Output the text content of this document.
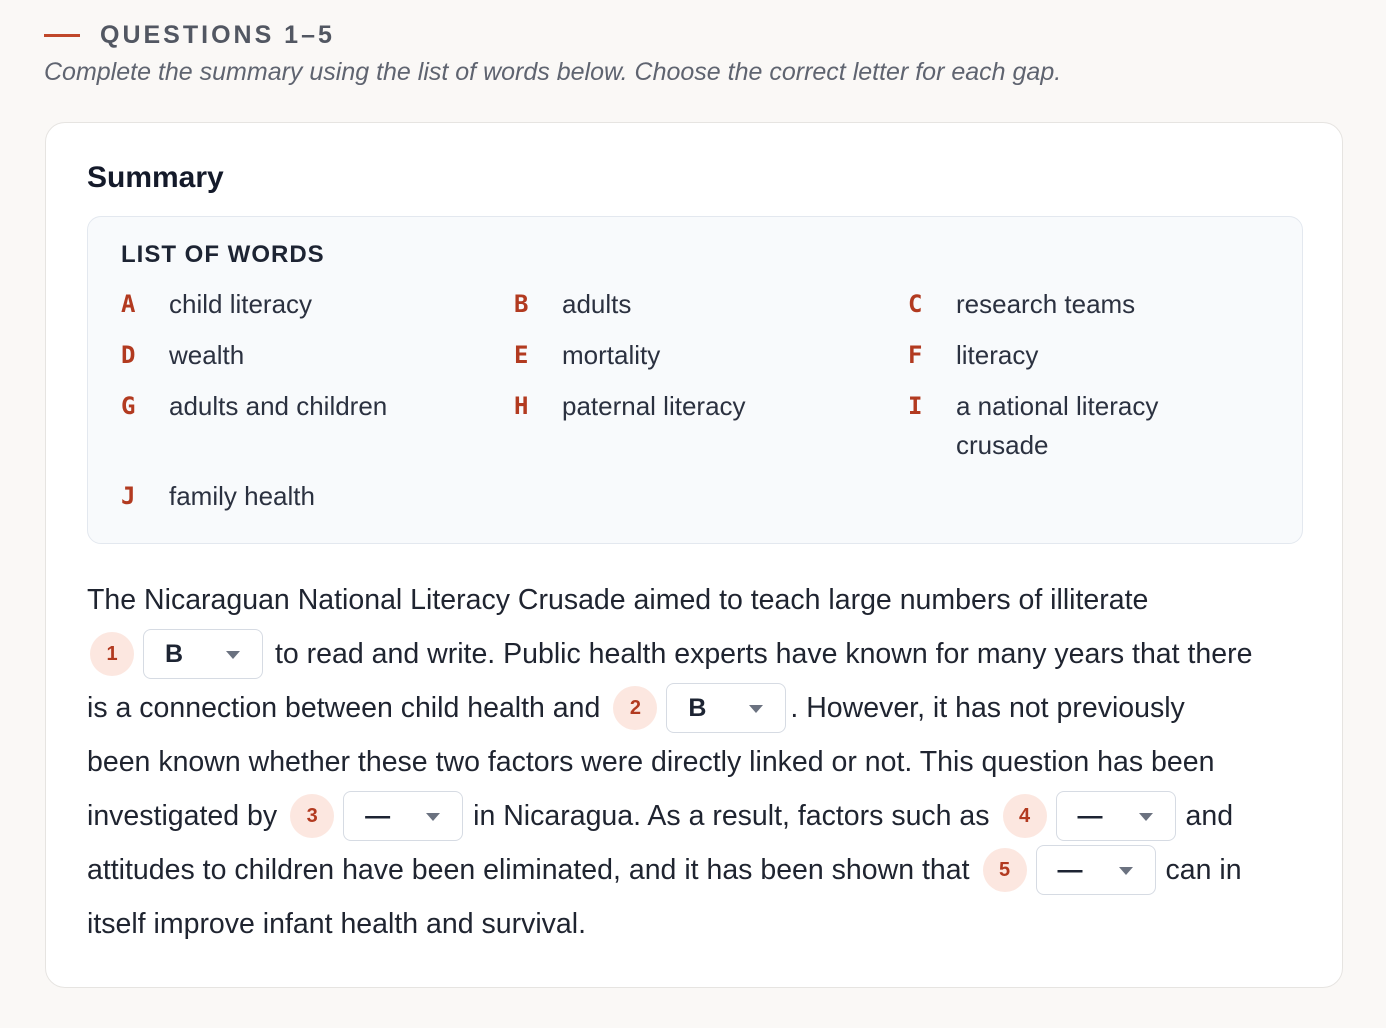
QUESTIONS 1–5
Complete the summary using the list of words below. Choose the correct letter for each gap.
Summary
LIST OF WORDS
A	child literacy	B	adults	C	research teams
D	wealth	E	mortality	F	literacy
G	adults and children	H	paternal literacy	I	a national literacy crusade
J	family health
The Nicaraguan National Literacy Crusade aimed to teach large numbers of illiterate
1	B	to read and write. Public health experts have known for many years that there
is a connection between child health and	2	B	. However, it has not previously
been known whether these two factors were directly linked or not. This question has been
investigated by	3	—	in Nicaragua. As a result, factors such as	4	—	and
attitudes to children have been eliminated, and it has been shown that	5	—	can in
itself improve infant health and survival.
